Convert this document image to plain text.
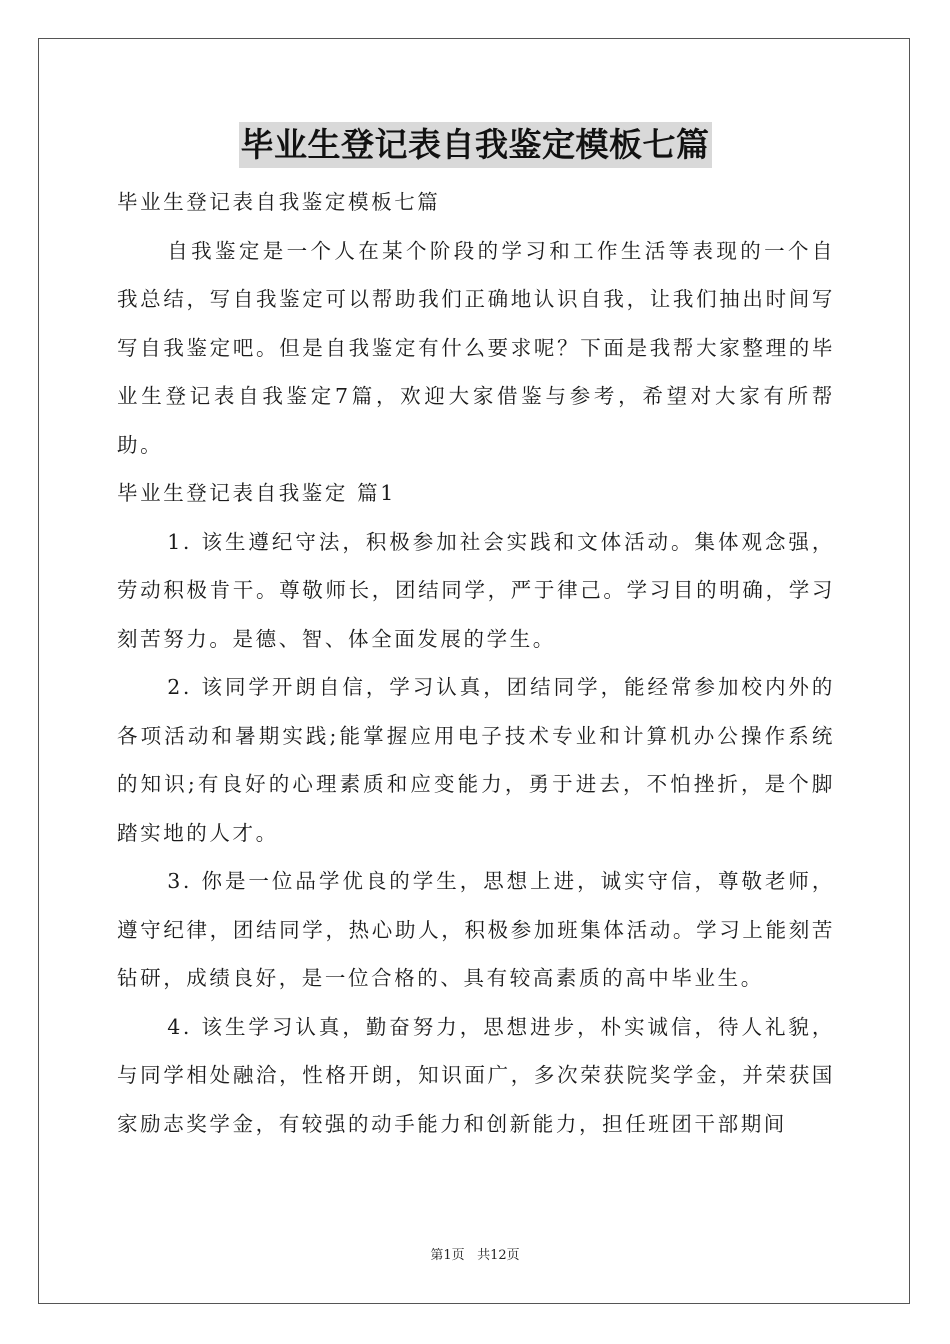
毕业生登记表自我鉴定模板七篇

毕业生登记表自我鉴定模板七篇

自我鉴定是一个人在某个阶段的学习和工作生活等表现的一个自我总结，写自我鉴定可以帮助我们正确地认识自我，让我们抽出时间写写自我鉴定吧。但是自我鉴定有什么要求呢？下面是我帮大家整理的毕业生登记表自我鉴定7篇，欢迎大家借鉴与参考，希望对大家有所帮助。

毕业生登记表自我鉴定 篇1

1. 该生遵纪守法，积极参加社会实践和文体活动。集体观念强，劳动积极肯干。尊敬师长，团结同学，严于律己。学习目的明确，学习刻苦努力。是德、智、体全面发展的学生。

2. 该同学开朗自信，学习认真，团结同学，能经常参加校内外的各项活动和暑期实践;能掌握应用电子技术专业和计算机办公操作系统的知识;有良好的心理素质和应变能力，勇于进去，不怕挫折，是个脚踏实地的人才。

3. 你是一位品学优良的学生，思想上进，诚实守信，尊敬老师，遵守纪律，团结同学，热心助人，积极参加班集体活动。学习上能刻苦钻研，成绩良好，是一位合格的、具有较高素质的高中毕业生。

4. 该生学习认真，勤奋努力，思想进步，朴实诚信，待人礼貌，与同学相处融洽，性格开朗，知识面广，多次荣获院奖学金，并荣获国家励志奖学金，有较强的动手能力和创新能力，担任班团干部期间

第1页 共12页
